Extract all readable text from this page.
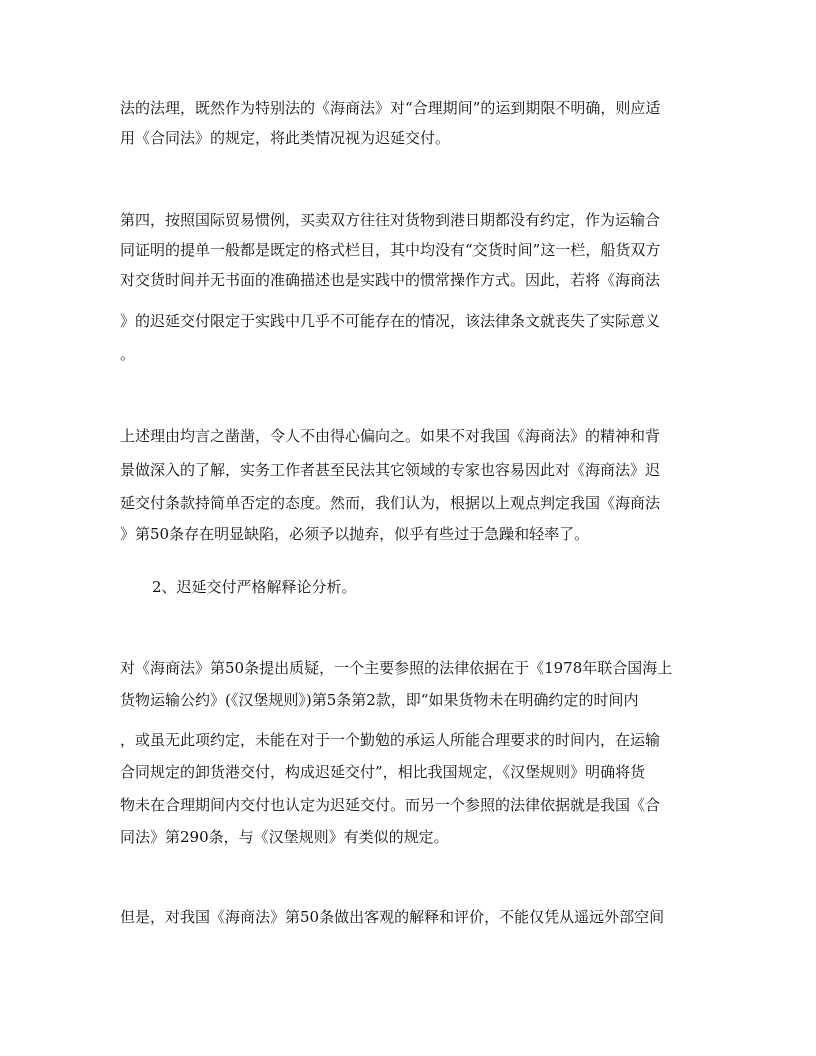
法的法理，既然作为特别法的《海商法》对“合理期间”的运到期限不明确，则应适

用《合同法》的规定，将此类情况视为迟延交付。

第四，按照国际贸易惯例，买卖双方往往对货物到港日期都没有约定，作为运输合

同证明的提单一般都是既定的格式栏目，其中均没有“交货时间”这一栏，船货双方

对交货时间并无书面的准确描述也是实践中的惯常操作方式。因此，若将《海商法

》的迟延交付限定于实践中几乎不可能存在的情况，该法律条文就丧失了实际意义

。

上述理由均言之凿凿，令人不由得心偏向之。如果不对我国《海商法》的精神和背

景做深入的了解，实务工作者甚至民法其它领域的专家也容易因此对《海商法》迟

延交付条款持简单否定的态度。然而，我们认为，根据以上观点判定我国《海商法

》第50条存在明显缺陷，必须予以抛弃，似乎有些过于急躁和轻率了。

2、迟延交付严格解释论分析。

对《海商法》第50条提出质疑，一个主要参照的法律依据在于《1978年联合国海上

货物运输公约》(《汉堡规则》)第5条第2款，即“如果货物未在明确约定的时间内

，或虽无此项约定，未能在对于一个勤勉的承运人所能合理要求的时间内，在运输

合同规定的卸货港交付，构成迟延交付”，相比我国规定，《汉堡规则》明确将货

物未在合理期间内交付也认定为迟延交付。而另一个参照的法律依据就是我国《合

同法》第290条，与《汉堡规则》有类似的规定。

但是，对我国《海商法》第50条做出客观的解释和评价，不能仅凭从遥远外部空间
